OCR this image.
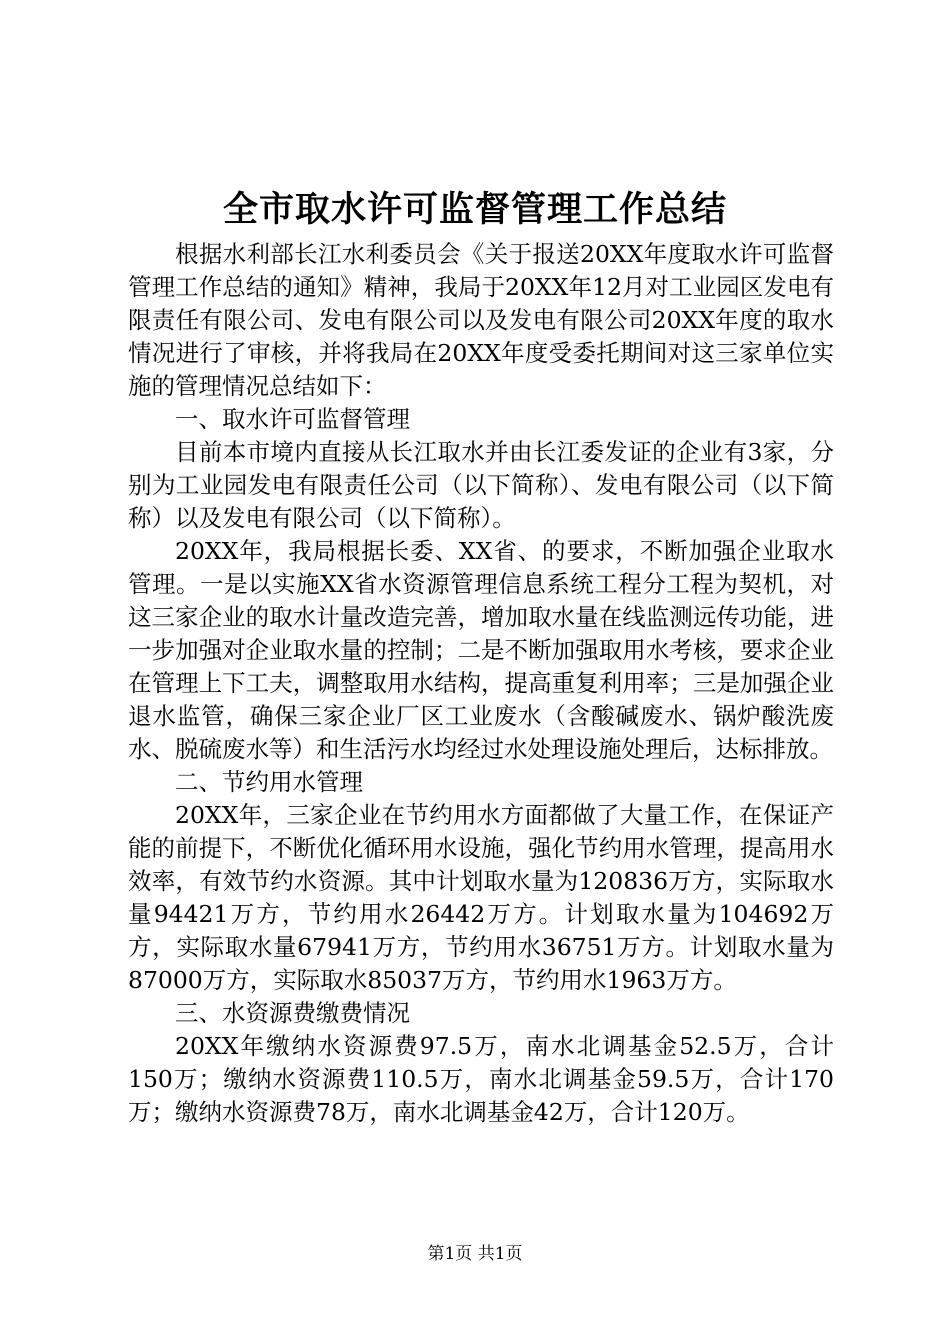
全市取水许可监督管理工作总结

根据水利部长江水利委员会《关于报送20XX年度取水许可监督管理工作总结的通知》精神，我局于20XX年12月对工业园区发电有限责任有限公司、发电有限公司以及发电有限公司20XX年度的取水情况进行了审核，并将我局在20XX年度受委托期间对这三家单位实施的管理情况总结如下：

一、取水许可监督管理

目前本市境内直接从长江取水并由长江委发证的企业有3家，分别为工业园发电有限责任公司（以下简称）、发电有限公司（以下简称）以及发电有限公司（以下简称）。

20XX年，我局根据长委、XX省、的要求，不断加强企业取水管理。一是以实施XX省水资源管理信息系统工程分工程为契机，对这三家企业的取水计量改造完善，增加取水量在线监测远传功能，进一步加强对企业取水量的控制；二是不断加强取用水考核，要求企业在管理上下工夫，调整取用水结构，提高重复利用率；三是加强企业退水监管，确保三家企业厂区工业废水（含酸碱废水、锅炉酸洗废水、脱硫废水等）和生活污水均经过水处理设施处理后，达标排放。

二、节约用水管理

20XX年，三家企业在节约用水方面都做了大量工作，在保证产能的前提下，不断优化循环用水设施，强化节约用水管理，提高用水效率，有效节约水资源。其中计划取水量为120836万方，实际取水量94421万方，节约用水26442万方。计划取水量为104692万方，实际取水量67941万方，节约用水36751万方。计划取水量为87000万方，实际取水85037万方，节约用水1963万方。

三、水资源费缴费情况

20XX年缴纳水资源费97.5万，南水北调基金52.5万，合计150万；缴纳水资源费110.5万，南水北调基金59.5万，合计170万；缴纳水资源费78万，南水北调基金42万，合计120万。

第1页 共1页
